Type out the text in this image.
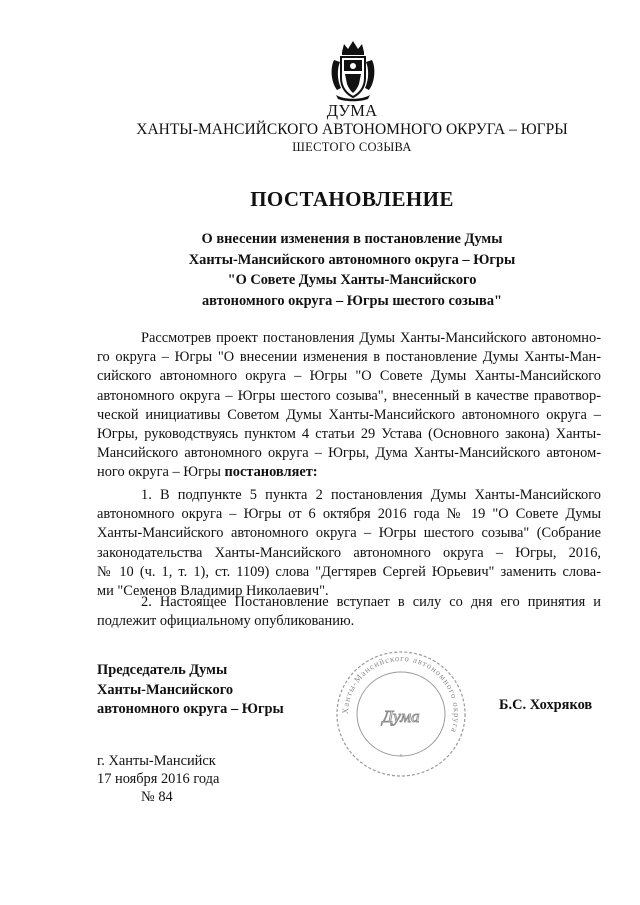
ДУМА
ХАНТЫ-МАНСИЙСКОГО АВТОНОМНОГО ОКРУГА – ЮГРЫ
ШЕСТОГО СОЗЫВА
ПОСТАНОВЛЕНИЕ
О внесении изменения в постановление Думы
Ханты-Мансийского автономного округа – Югры
"О Совете Думы Ханты-Мансийского
автономного округа – Югры шестого созыва"
Рассмотрев проект постановления Думы Ханты-Мансийского автономно-
го округа – Югры "О внесении изменения в постановление Думы Ханты-Ман-
сийского автономного округа – Югры "О Совете Думы Ханты-Мансийского
автономного округа – Югры шестого созыва", внесенный в качестве правотвор-
ческой инициативы Советом Думы Ханты-Мансийского автономного округа –
Югры, руководствуясь пунктом 4 статьи 29 Устава (Основного закона) Ханты-
Мансийского автономного округа – Югры, Дума Ханты-Мансийского автоном-
ного округа – Югры постановляет:
1. В подпункте 5 пункта 2 постановления Думы Ханты-Мансийского
автономного округа – Югры от 6 октября 2016 года № 19 "О Совете Думы
Ханты-Мансийского автономного округа – Югры шестого созыва" (Собрание
законодательства Ханты-Мансийского автономного округа – Югры, 2016,
№ 10 (ч. 1, т. 1), ст. 1109) слова "Дегтярев Сергей Юрьевич" заменить слова-
ми "Семенов Владимир Николаевич".
2. Настоящее Постановление вступает в силу со дня его принятия и
подлежит официальному опубликованию.
Председатель Думы
Ханты-Мансийского
автономного округа – Югры	Ханты-Мансийского автономного округа
Дума
*
Б.С. Хохряков
г. Ханты-Мансийск
17 ноября 2016 года
№ 84
